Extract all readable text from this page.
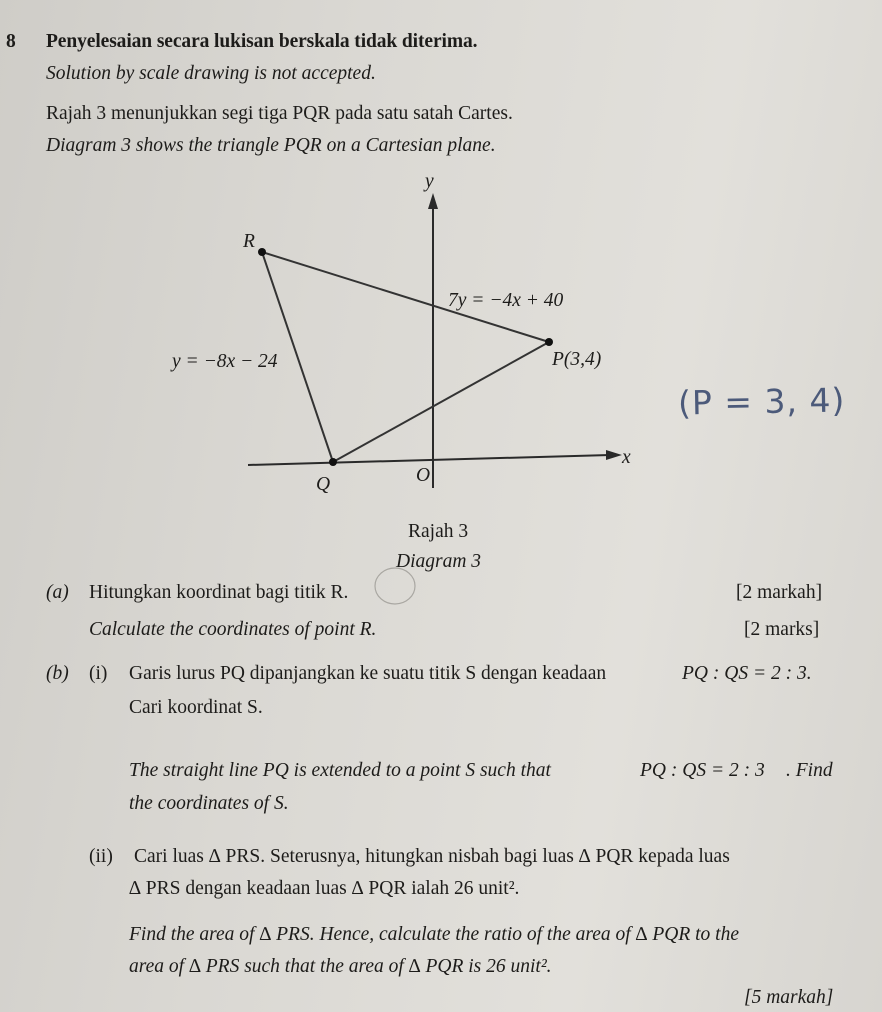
8 Penyelesaian secara lukisan berskala tidak diterima.
Solution by scale drawing is not accepted.
Rajah 3 menunjukkan segi tiga PQR pada satu satah Cartes.
Diagram 3 shows the triangle PQR on a Cartesian plane.
y
x
O
R
Q
P(3,4)
7y = −4x + 40
y = −8x − 24
(P = 3, 4)
Rajah 3
Diagram 3
(a) Hitungkan koordinat bagi titik R.	[2 markah]
Calculate the coordinates of point R.	[2 marks]
(b) (i) Garis lurus PQ dipanjangkan ke suatu titik S dengan keadaan	PQ : QS = 2 : 3.
Cari koordinat S.
The straight line PQ is extended to a point S such that	PQ : QS = 2 : 3 . Find
the coordinates of S.
(ii) Cari luas ∆ PRS. Seterusnya, hitungkan nisbah bagi luas ∆ PQR kepada luas
∆ PRS dengan keadaan luas ∆ PQR ialah 26 unit².
Find the area of ∆ PRS. Hence, calculate the ratio of the area of ∆ PQR to the
area of ∆ PRS such that the area of ∆ PQR is 26 unit².
[5 markah]
